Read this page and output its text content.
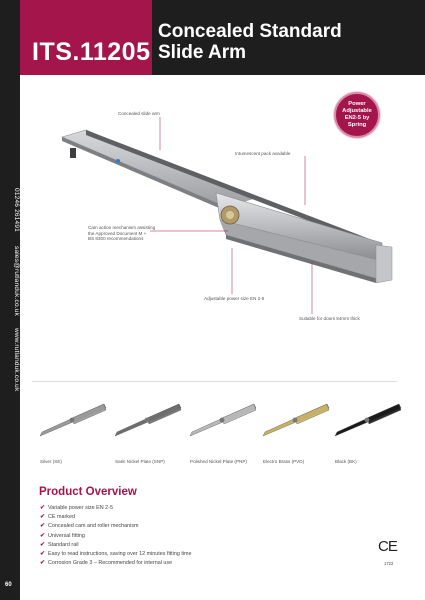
01246 261491
sales@rutlanduk.co.uk
www.rutlanduk.co.uk
60
ITS.11205
Concealed Standard
Slide Arm
Concealed slide arm
Intumescent pack available
Cam action mechanism assisting
the Approved Document M +
BS 8300 recommendations
Adjustable power size EN 2-5
Suitable for doors 54mm thick
Power
Adjustable
EN2-5 by
Spring
Silver (SE)	Satin Nickel Plate (SNP)	Polished Nickel Plate (PNP)	Electro Brass (PVD)	Black (BK)
Product Overview
✔ Variable power size EN 2-5
✔ CE marked
✔ Concealed cam and roller mechanism
✔ Universal fitting
✔ Standard rail
✔ Easy to read instructions, saving over 12 minutes fitting time
✔ Corrosion Grade 3 – Recommended for internal use
CE
1722
